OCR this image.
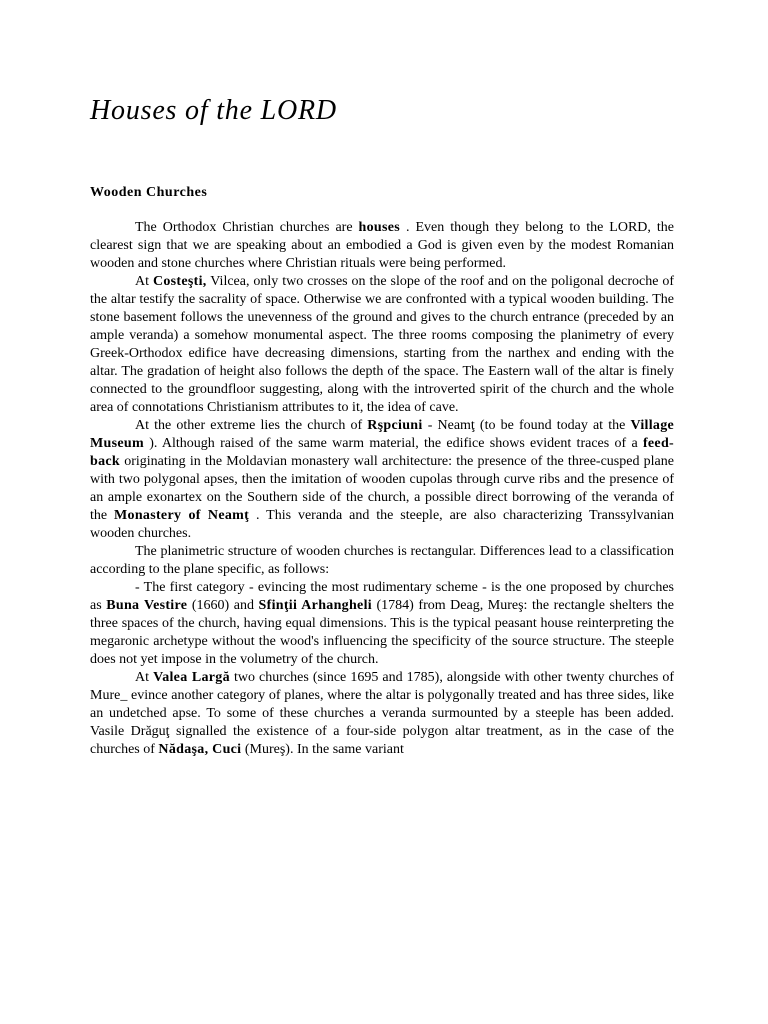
Houses of the LORD
Wooden Churches

The Orthodox Christian churches are houses . Even though they belong to the LORD, the clearest sign that we are speaking about an embodied a God is given even by the modest Romanian wooden and stone churches where Christian rituals were being performed.

At Costeşti, Vilcea, only two crosses on the slope of the roof and on the poligonal decroche of the altar testify the sacrality of space. Otherwise we are confronted with a typical wooden building. The stone basement follows the unevenness of the ground and gives to the church entrance (preceded by an ample veranda) a somehow monumental aspect. The three rooms composing the planimetry of every Greek-Orthodox edifice have decreasing dimensions, starting from the narthex and ending with the altar. The gradation of height also follows the depth of the space. The Eastern wall of the altar is finely connected to the groundfloor suggesting, along with the introverted spirit of the church and the whole area of connotations Christianism attributes to it, the idea of cave.

At the other extreme lies the church of Rşpciuni - Neamţ (to be found today at the Village Museum ). Although raised of the same warm material, the edifice shows evident traces of a feed-back originating in the Moldavian monastery wall architecture: the presence of the three-cusped plane with two polygonal apses, then the imitation of wooden cupolas through curve ribs and the presence of an ample exonartex on the Southern side of the church, a possible direct borrowing of the veranda of the Monastery of Neamţ . This veranda and the steeple, are also characterizing Transsylvanian wooden churches.

The planimetric structure of wooden churches is rectangular. Differences lead to a classification according to the plane specific, as follows:

- The first category - evincing the most rudimentary scheme - is the one proposed by churches as Buna Vestire (1660) and Sfinţii Arhangheli (1784) from Deag, Mureş: the rectangle shelters the three spaces of the church, having equal dimensions. This is the typical peasant house reinterpreting the megaronic archetype without the wood's influencing the specificity of the source structure. The steeple does not yet impose in the volumetry of the church.

At Valea Largă two churches (since 1695 and 1785), alongside with other twenty churches of Mure_ evince another category of planes, where the altar is polygonally treated and has three sides, like an undetched apse. To some of these churches a veranda surmounted by a steeple has been added. Vasile Drăguţ signalled the existence of a four-side polygon altar treatment, as in the case of the churches of Nădaşa, Cuci (Mureş). In the same variant
